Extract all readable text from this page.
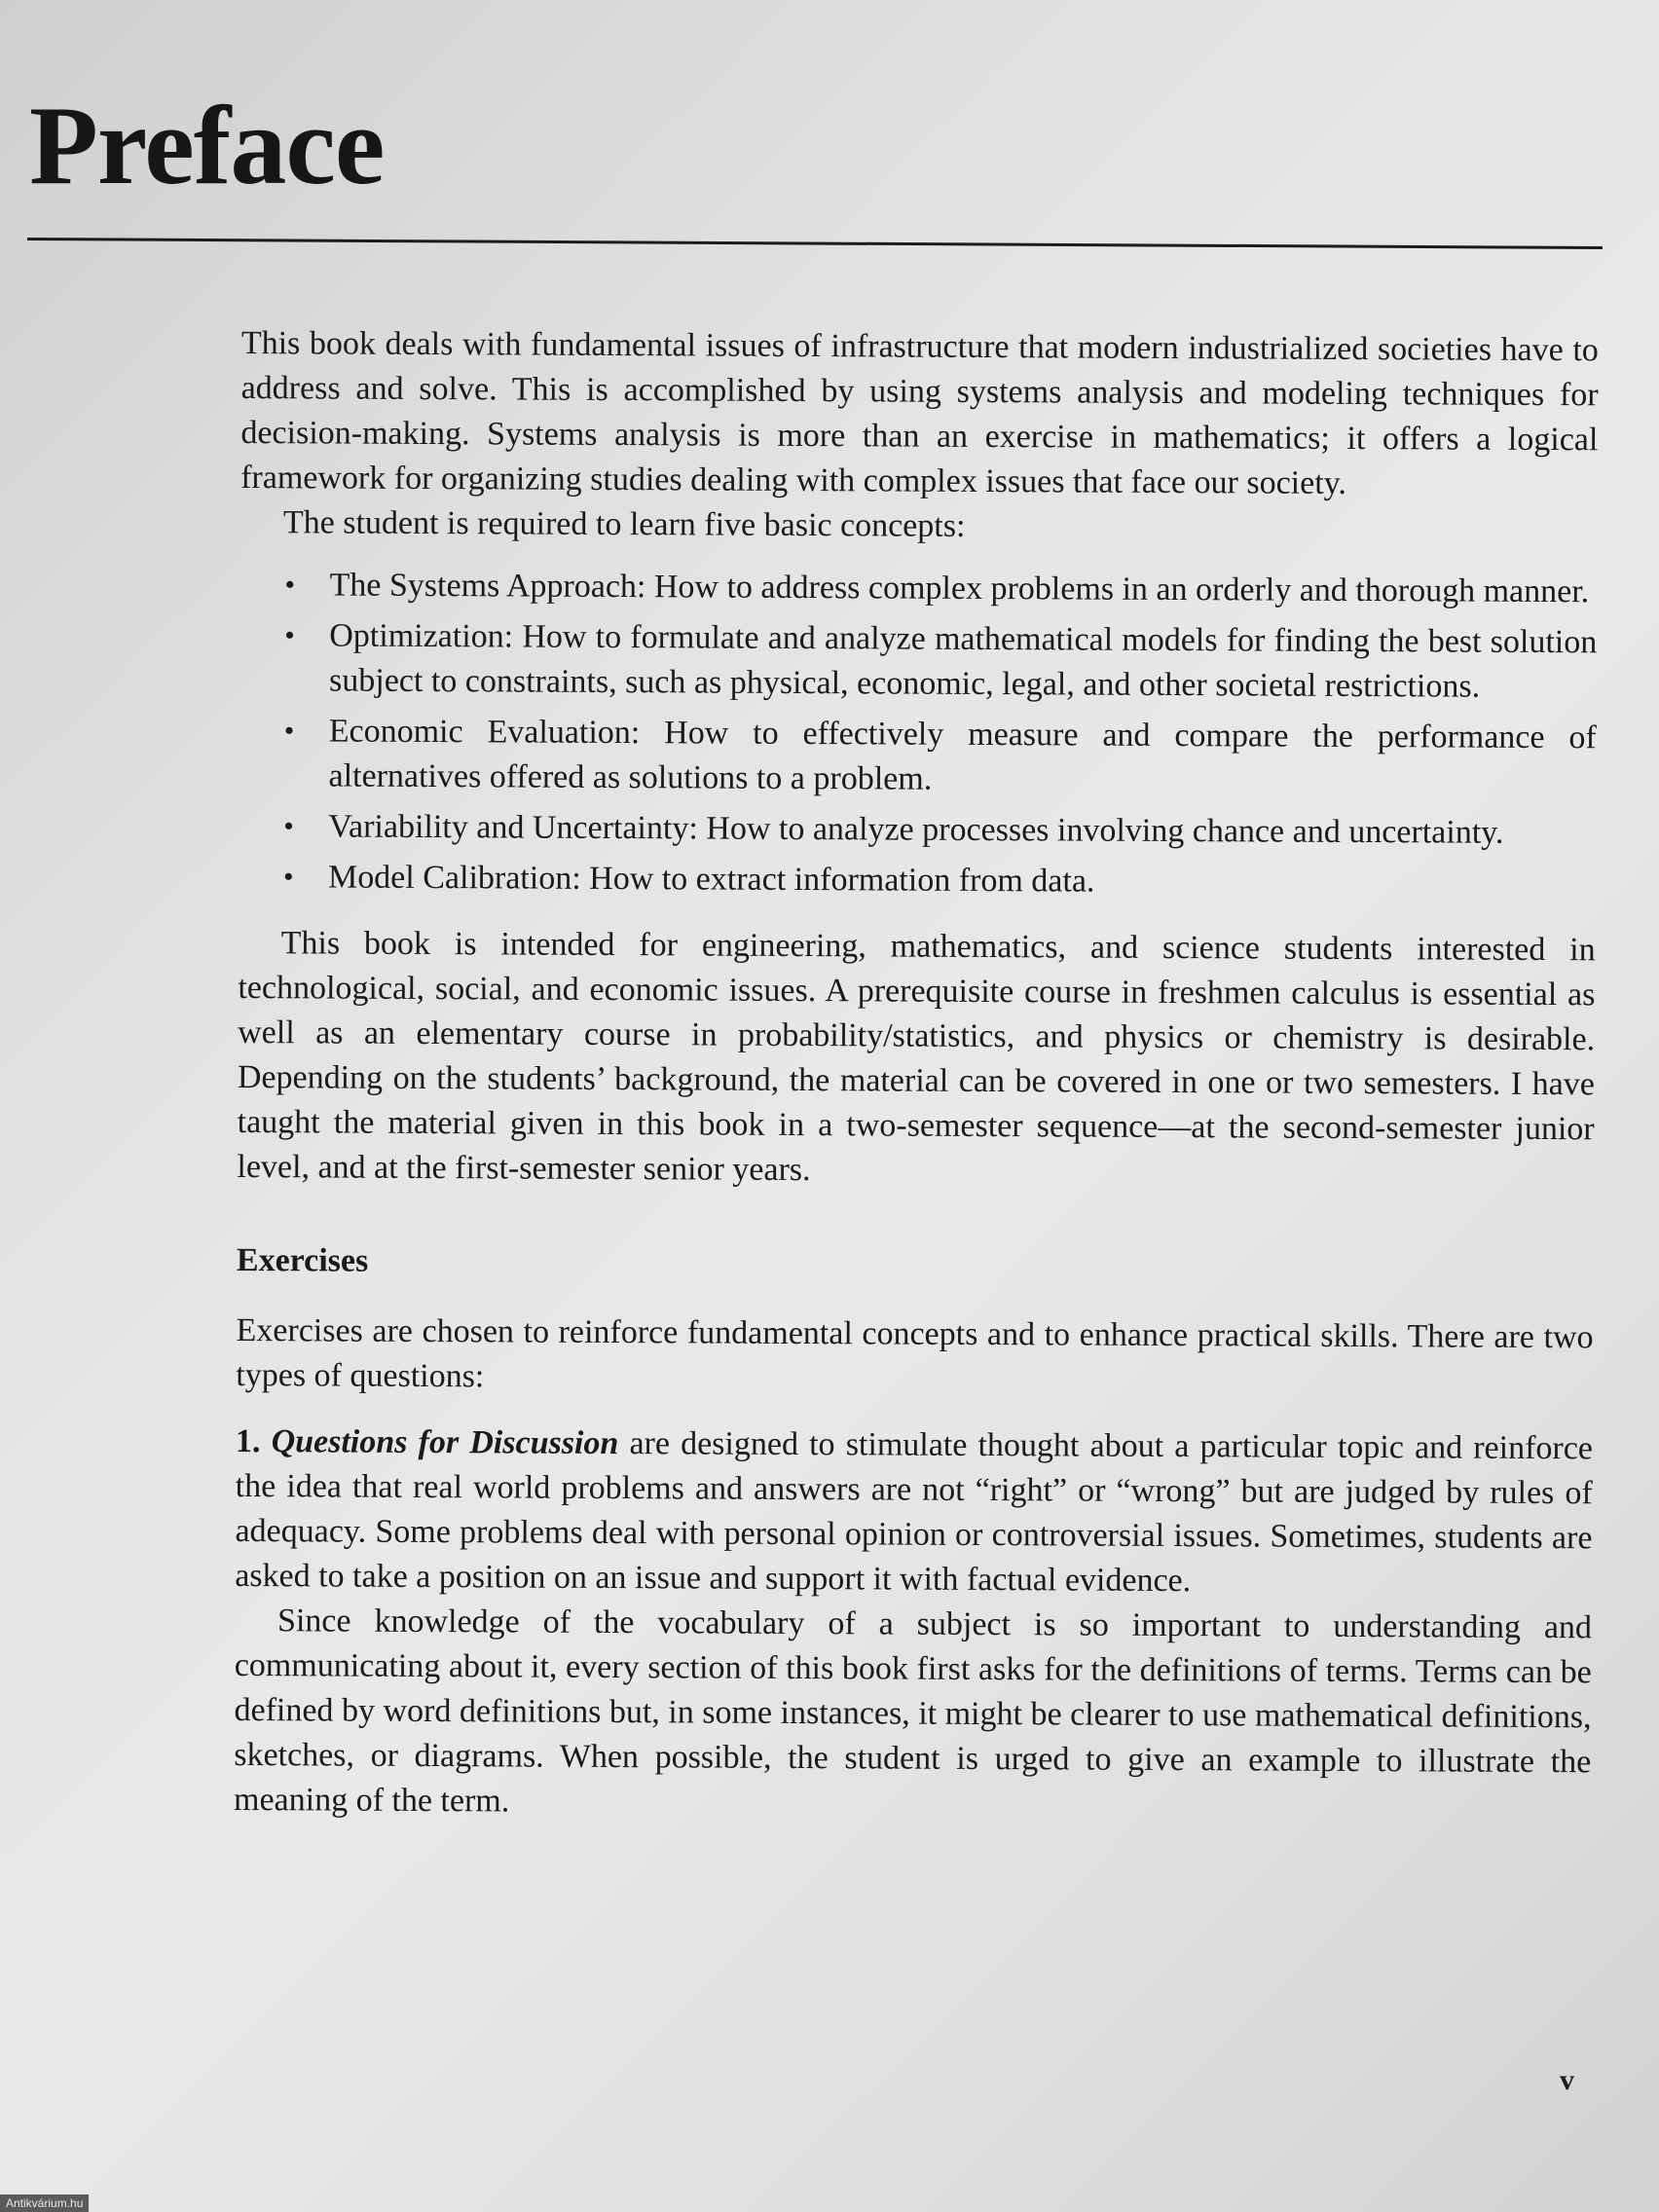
Preface

This book deals with fundamental issues of infrastructure that modern industrialized societies have to address and solve. This is accomplished by using systems analysis and modeling techniques for decision-making. Systems analysis is more than an exercise in mathematics; it offers a logical framework for organizing studies dealing with complex issues that face our society.

The student is required to learn five basic concepts:

• The Systems Approach: How to address complex problems in an orderly and thorough manner.
• Optimization: How to formulate and analyze mathematical models for finding the best solution subject to constraints, such as physical, economic, legal, and other societal restrictions.
• Economic Evaluation: How to effectively measure and compare the performance of alternatives offered as solutions to a problem.
• Variability and Uncertainty: How to analyze processes involving chance and uncertainty.
• Model Calibration: How to extract information from data.

This book is intended for engineering, mathematics, and science students interested in technological, social, and economic issues. A prerequisite course in freshmen calculus is essential as well as an elementary course in probability/statistics, and physics or chemistry is desirable. Depending on the students’ background, the material can be covered in one or two semesters. I have taught the material given in this book in a two-semester sequence—at the second-semester junior level, and at the first-semester senior years.

Exercises

Exercises are chosen to reinforce fundamental concepts and to enhance practical skills. There are two types of questions:

1. Questions for Discussion are designed to stimulate thought about a particular topic and reinforce the idea that real world problems and answers are not “right” or “wrong” but are judged by rules of adequacy. Some problems deal with personal opinion or controversial issues. Sometimes, students are asked to take a position on an issue and support it with factual evidence.

Since knowledge of the vocabulary of a subject is so important to understanding and communicating about it, every section of this book first asks for the definitions of terms. Terms can be defined by word definitions but, in some instances, it might be clearer to use mathematical definitions, sketches, or diagrams. When possible, the student is urged to give an example to illustrate the meaning of the term.

v
Antikvárium.hu
